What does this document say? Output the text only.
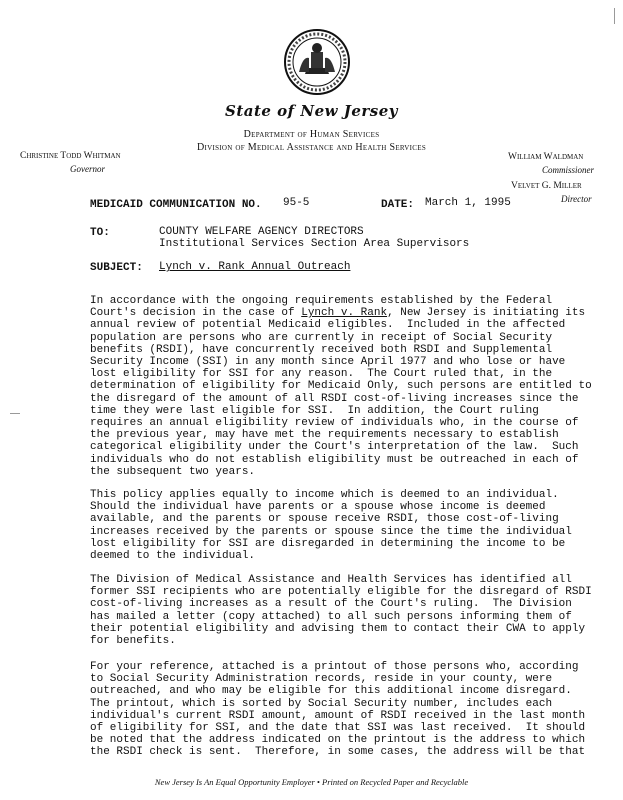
State of New Jersey
Department of Human Services
Division of Medical Assistance and Health Services
Christine Todd Whitman
Governor
William Waldman
Commissioner
Velvet G. Miller
Director
MEDICAID COMMUNICATION NO. 95-5	DATE: March 1, 1995
TO:	COUNTY WELFARE AGENCY DIRECTORS
Institutional Services Section Area Supervisors
SUBJECT: Lynch v. Rank Annual Outreach
In accordance with the ongoing requirements established by the Federal
Court's decision in the case of Lynch v. Rank, New Jersey is initiating its
annual review of potential Medicaid eligibles.  Included in the affected
population are persons who are currently in receipt of Social Security
benefits (RSDI), have concurrently received both RSDI and Supplemental
Security Income (SSI) in any month since April 1977 and who lose or have
lost eligibility for SSI for any reason.  The Court ruled that, in the
determination of eligibility for Medicaid Only, such persons are entitled to
the disregard of the amount of all RSDI cost-of-living increases since the
time they were last eligible for SSI.  In addition, the Court ruling
requires an annual eligibility review of individuals who, in the course of
the previous year, may have met the requirements necessary to establish
categorical eligibility under the Court's interpretation of the law.  Such
individuals who do not establish eligibility must be outreached in each of
the subsequent two years.
This policy applies equally to income which is deemed to an individual.
Should the individual have parents or a spouse whose income is deemed
available, and the parents or spouse receive RSDI, those cost-of-living
increases received by the parents or spouse since the time the individual
lost eligibility for SSI are disregarded in determining the income to be
deemed to the individual.
The Division of Medical Assistance and Health Services has identified all
former SSI recipients who are potentially eligible for the disregard of RSDI
cost-of-living increases as a result of the Court's ruling.  The Division
has mailed a letter (copy attached) to all such persons informing them of
their potential eligibility and advising them to contact their CWA to apply
for benefits.
For your reference, attached is a printout of those persons who, according
to Social Security Administration records, reside in your county, were
outreached, and who may be eligible for this additional income disregard.
The printout, which is sorted by Social Security number, includes each
individual's current RSDI amount, amount of RSDI received in the last month
of eligibility for SSI, and the date that SSI was last received.  It should
be noted that the address indicated on the printout is the address to which
the RSDI check is sent.  Therefore, in some cases, the address will be that
New Jersey Is An Equal Opportunity Employer • Printed on Recycled Paper and Recyclable
